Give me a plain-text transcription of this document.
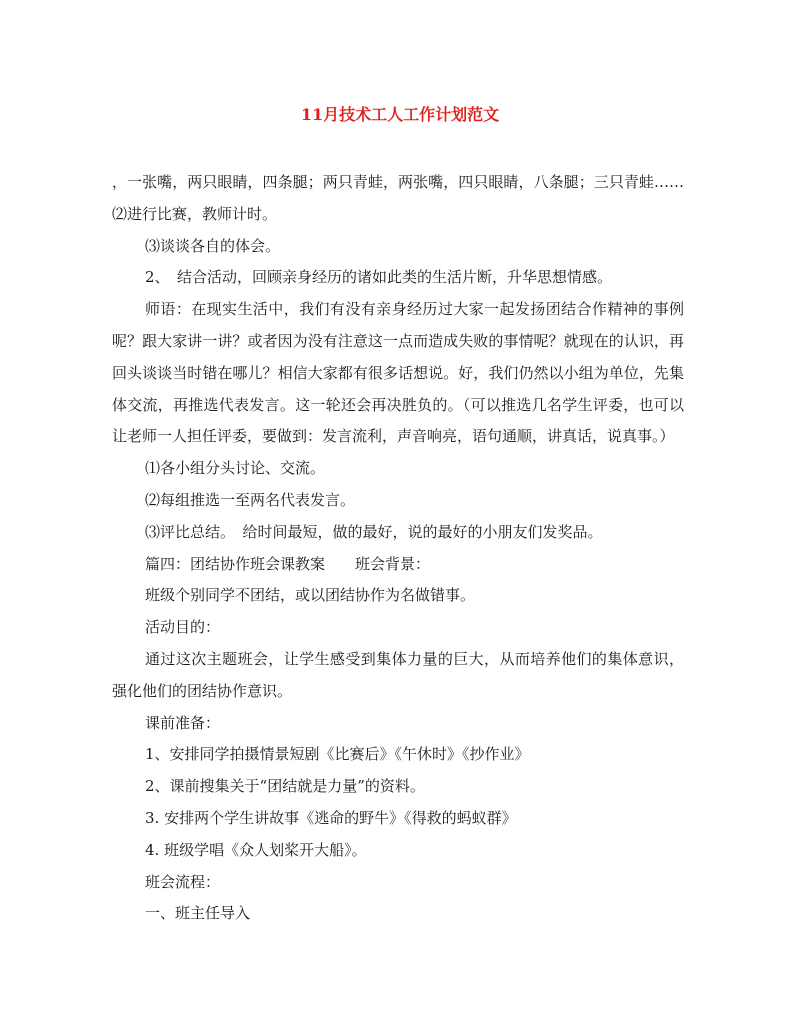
11月技术工人工作计划范文

，一张嘴，两只眼睛，四条腿；两只青蛙，两张嘴，四只眼睛，八条腿；三只青蛙…… ⑵进行比赛，教师计时。

⑶谈谈各自的体会。

2、　结合活动，回顾亲身经历的诸如此类的生活片断，升华思想情感。

师语：在现实生活中，我们有没有亲身经历过大家一起发扬团结合作精神的事例呢？跟大家讲一讲？或者因为没有注意这一点而造成失败的事情呢？就现在的认识，再回头谈谈当时错在哪儿？相信大家都有很多话想说。好，我们仍然以小组为单位，先集体交流，再推选代表发言。这一轮还会再决胜负的。（可以推选几名学生评委，也可以让老师一人担任评委，要做到：发言流利，声音响亮，语句通顺，讲真话，说真事。）

⑴各小组分头讨论、交流。

⑵每组推选一至两名代表发言。

⑶评比总结。　给时间最短，做的最好，说的最好的小朋友们发奖品。

篇四：团结协作班会课教案　　班会背景：

班级个别同学不团结，或以团结协作为名做错事。

活动目的：

通过这次主题班会，让学生感受到集体力量的巨大，从而培养他们的集体意识，强化他们的团结协作意识。

课前准备：

1、安排同学拍摄情景短剧《比赛后》《午休时》《抄作业》

2、课前搜集关于“团结就是力量”的资料。

3. 安排两个学生讲故事《逃命的野牛》《得救的蚂蚁群》

4. 班级学唱《众人划桨开大船》。

班会流程：

一、班主任导入
